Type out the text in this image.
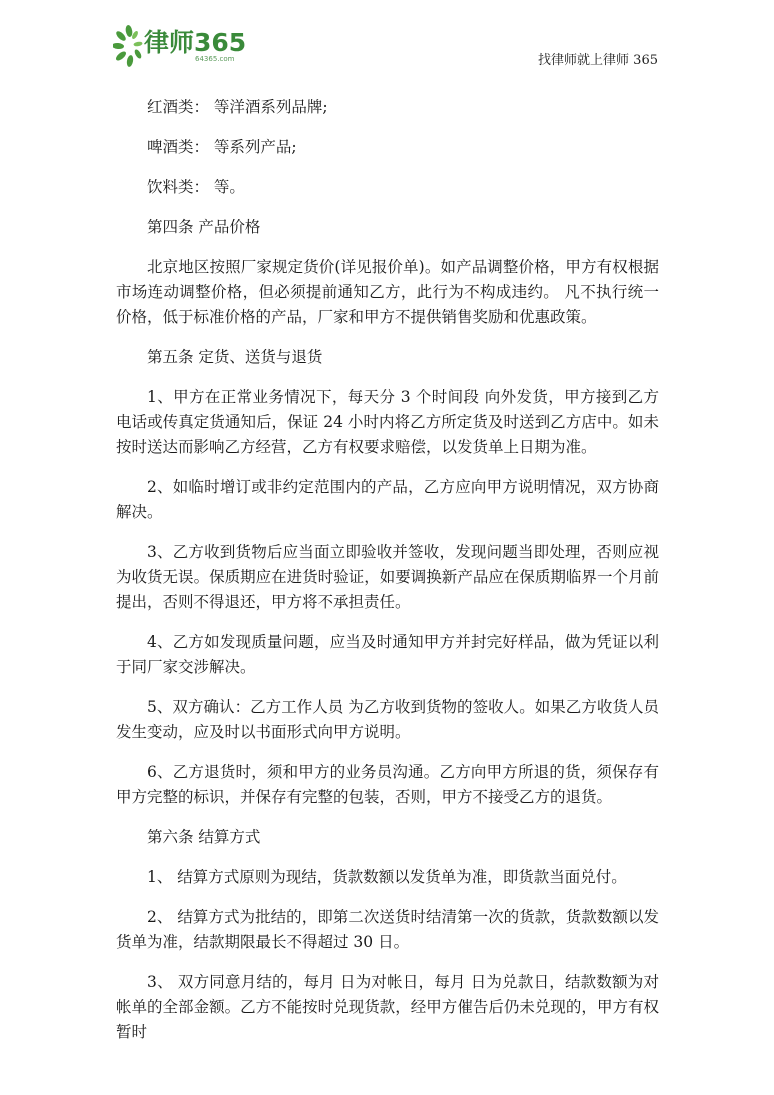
律师365
64365.com	找律师就上律师 365

红酒类： 等洋酒系列品牌;

啤酒类： 等系列产品;

饮料类： 等。

第四条 产品价格

北京地区按照厂家规定货价(详见报价单)。如产品调整价格，甲方有权根据市场连动调整价格，但必须提前通知乙方，此行为不构成违约。 凡不执行统一价格，低于标准价格的产品，厂家和甲方不提供销售奖励和优惠政策。

第五条 定货、送货与退货

1、甲方在正常业务情况下，每天分 3 个时间段 向外发货，甲方接到乙方电话或传真定货通知后，保证 24 小时内将乙方所定货及时送到乙方店中。如未按时送达而影响乙方经营，乙方有权要求赔偿，以发货单上日期为准。

2、如临时增订或非约定范围内的产品，乙方应向甲方说明情况，双方协商解决。

3、乙方收到货物后应当面立即验收并签收，发现问题当即处理，否则应视为收货无误。保质期应在进货时验证，如要调换新产品应在保质期临界一个月前提出，否则不得退还，甲方将不承担责任。

4、乙方如发现质量问题，应当及时通知甲方并封完好样品，做为凭证以利于同厂家交涉解决。

5、双方确认：乙方工作人员 为乙方收到货物的签收人。如果乙方收货人员发生变动，应及时以书面形式向甲方说明。

6、乙方退货时，须和甲方的业务员沟通。乙方向甲方所退的货，须保存有甲方完整的标识，并保存有完整的包装，否则，甲方不接受乙方的退货。

第六条 结算方式

1、 结算方式原则为现结，货款数额以发货单为准，即货款当面兑付。

2、 结算方式为批结的，即第二次送货时结清第一次的货款，货款数额以发货单为准，结款期限最长不得超过 30 日。

3、 双方同意月结的，每月 日为对帐日，每月 日为兑款日，结款数额为对帐单的全部金额。乙方不能按时兑现货款，经甲方催告后仍未兑现的，甲方有权暂时
